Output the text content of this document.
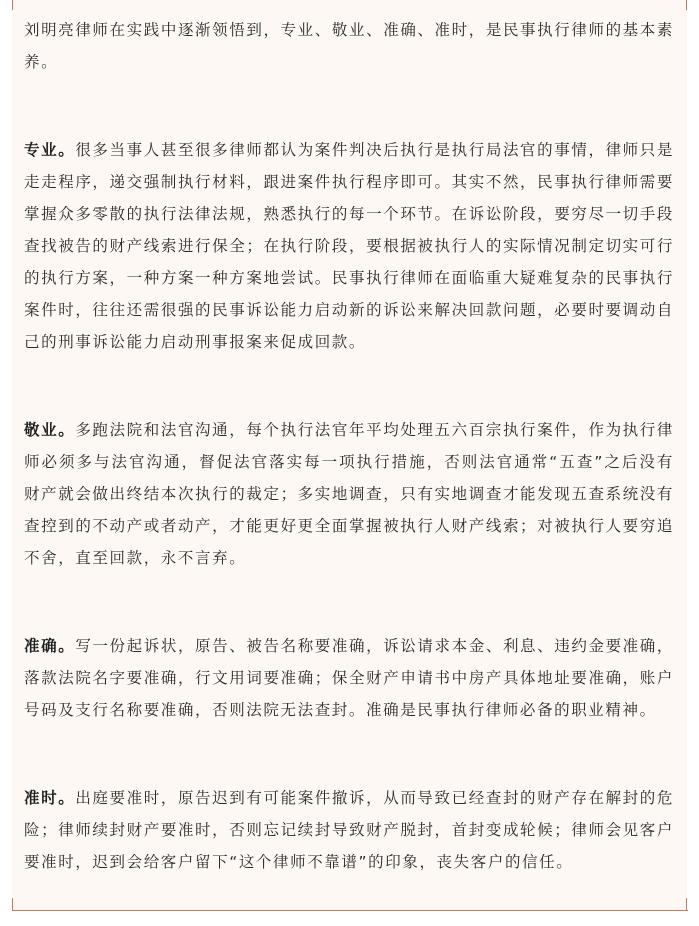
刘明亮律师在实践中逐渐领悟到，专业、敬业、准确、准时，是民事执行律师的基本素养。

专业。很多当事人甚至很多律师都认为案件判决后执行是执行局法官的事情，律师只是走走程序，递交强制执行材料，跟进案件执行程序即可。其实不然，民事执行律师需要掌握众多零散的执行法律法规，熟悉执行的每一个环节。在诉讼阶段，要穷尽一切手段查找被告的财产线索进行保全；在执行阶段，要根据被执行人的实际情况制定切实可行的执行方案，一种方案一种方案地尝试。民事执行律师在面临重大疑难复杂的民事执行案件时，往往还需很强的民事诉讼能力启动新的诉讼来解决回款问题，必要时要调动自己的刑事诉讼能力启动刑事报案来促成回款。

敬业。多跑法院和法官沟通，每个执行法官年平均处理五六百宗执行案件，作为执行律师必须多与法官沟通，督促法官落实每一项执行措施，否则法官通常“五查”之后没有财产就会做出终结本次执行的裁定；多实地调查，只有实地调查才能发现五查系统没有查控到的不动产或者动产，才能更好更全面掌握被执行人财产线索；对被执行人要穷追不舍，直至回款，永不言弃。

准确。写一份起诉状，原告、被告名称要准确，诉讼请求本金、利息、违约金要准确，落款法院名字要准确，行文用词要准确；保全财产申请书中房产具体地址要准确，账户号码及支行名称要准确，否则法院无法查封。准确是民事执行律师必备的职业精神。

准时。出庭要准时，原告迟到有可能案件撤诉，从而导致已经查封的财产存在解封的危险；律师续封财产要准时，否则忘记续封导致财产脱封，首封变成轮候；律师会见客户要准时，迟到会给客户留下“这个律师不靠谱”的印象，丧失客户的信任。
